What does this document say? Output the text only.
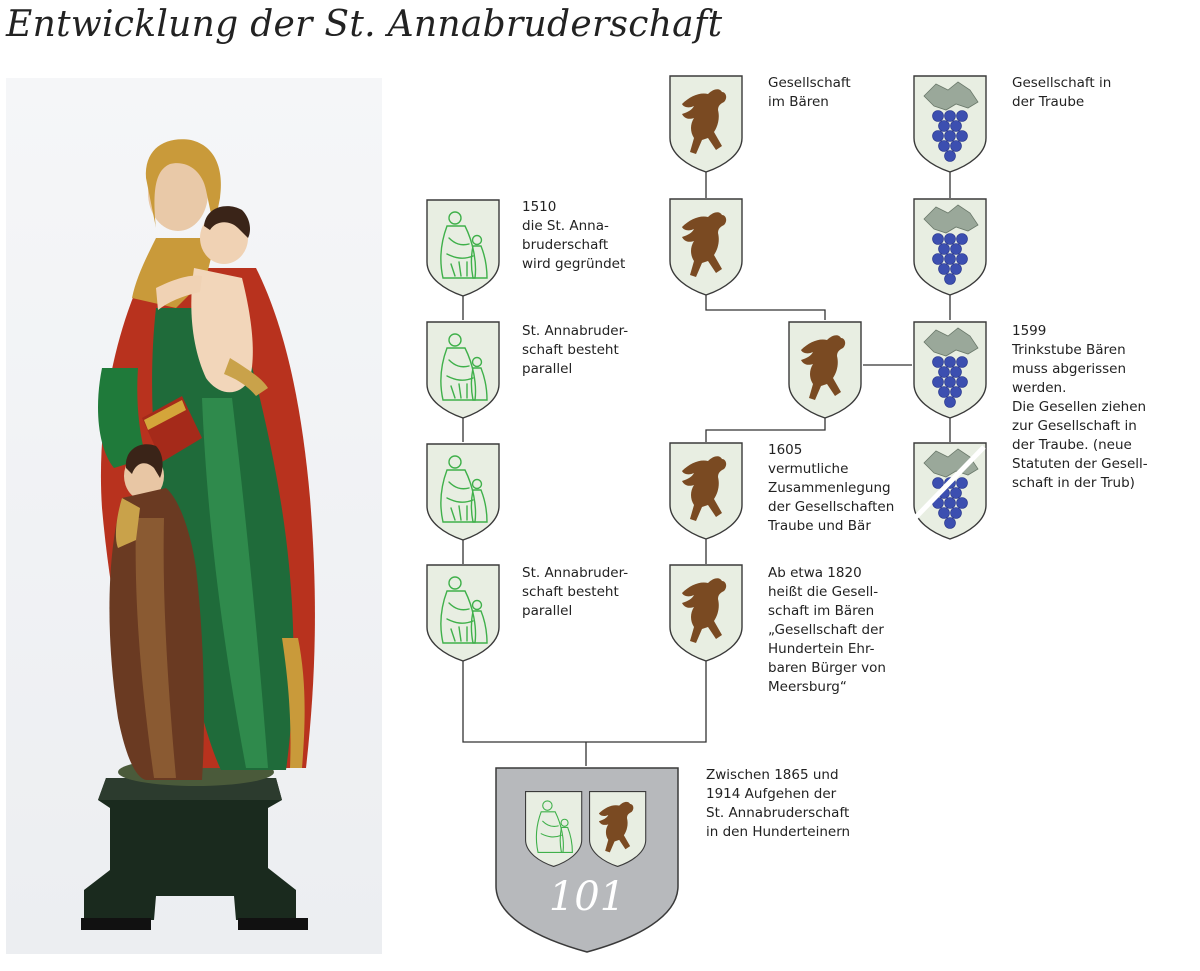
Entwicklung der St. Annabruderschaft
101
Gesellschaft
im Bären
Gesellschaft in
der Traube
1510
die St. Anna-
bruderschaft
wird gegründet
St. Annabruder-
schaft besteht
parallel
1599
Trinkstube Bären
muss abgerissen
werden.
Die Gesellen ziehen
zur Gesellschaft in
der Traube. (neue
Statuten der Gesell-
schaft in der Trub)
1605
vermutliche
Zusammenlegung
der Gesellschaften
Traube und Bär
St. Annabruder-
schaft besteht
parallel
Ab etwa 1820
heißt die Gesell-
schaft im Bären
„Gesellschaft der
Hundertein Ehr-
baren Bürger von
Meersburg“
Zwischen 1865 und
1914 Aufgehen der
St. Annabruderschaft
in den Hunderteinern
